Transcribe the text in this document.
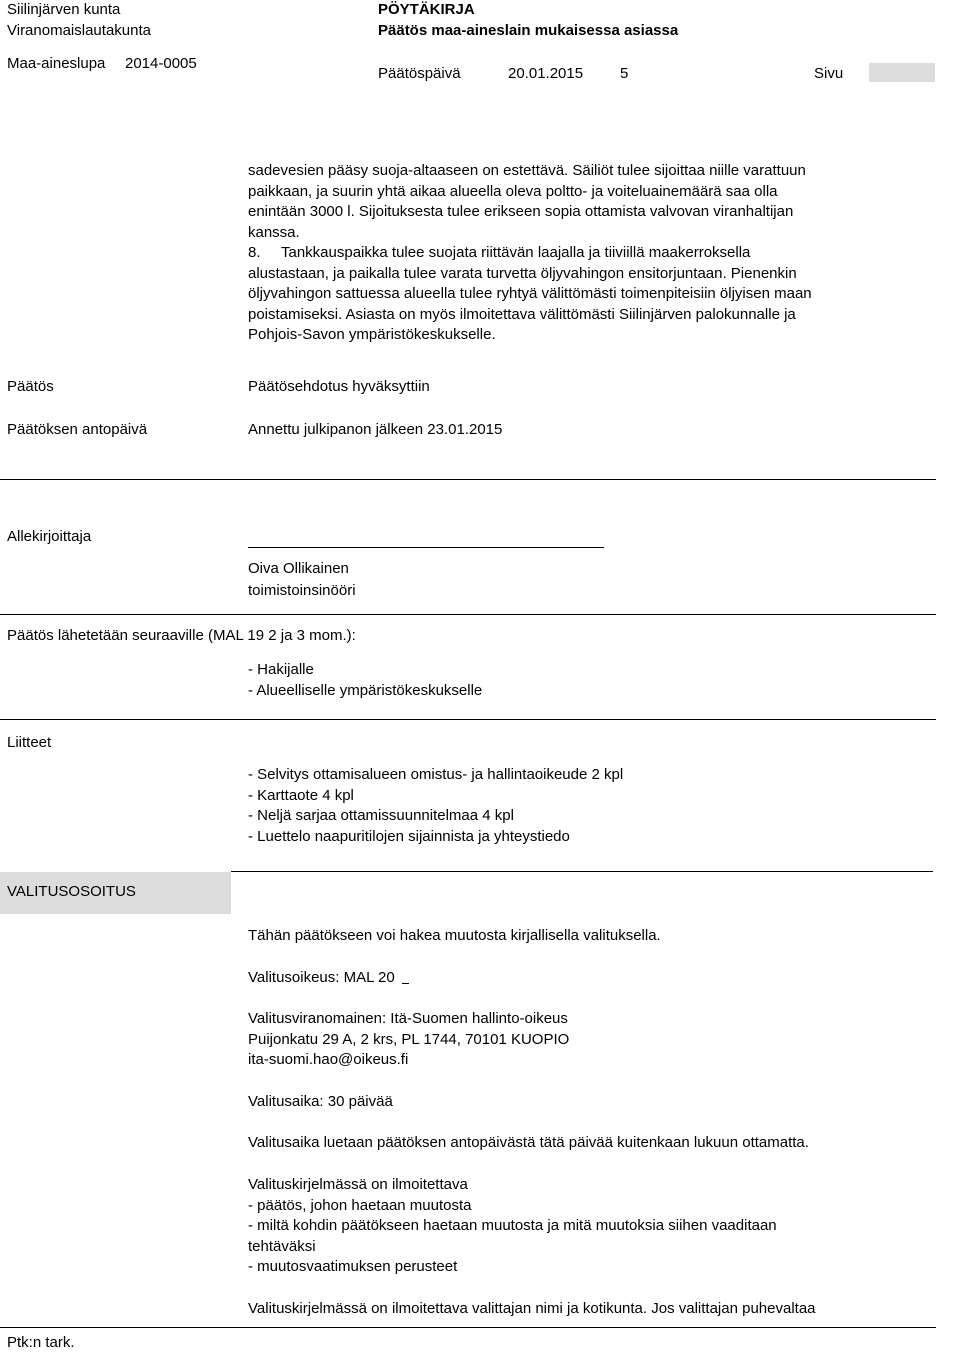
Siilinjärven kunta
Viranomaislautakunta
Maa-aineslupa 2014-0005
PÖYTÄKIRJA
Päätös maa-aineslain mukaisessa asiassa
Päätöspäivä	20.01.2015 5	Sivu
sadevesien pääsy suoja-altaaseen on estettävä. Säiliöt tulee sijoittaa niille varattuun
paikkaan, ja suurin yhtä aikaa alueella oleva poltto- ja voiteluainemäärä saa olla
enintään 3000 l. Sijoituksesta tulee erikseen sopia ottamista valvovan viranhaltijan
kanssa.
8. Tankkauspaikka tulee suojata riittävän laajalla ja tiiviillä maakerroksella
alustastaan, ja paikalla tulee varata turvetta öljyvahingon ensitorjuntaan. Pienenkin
öljyvahingon sattuessa alueella tulee ryhtyä välittömästi toimenpiteisiin öljyisen maan
poistamiseksi. Asiasta on myös ilmoitettava välittömästi Siilinjärven palokunnalle ja
Pohjois-Savon ympäristökeskukselle.
Päätös	Päätösehdotus hyväksyttiin
Päätöksen antopäivä	Annettu julkipanon jälkeen 23.01.2015
Allekirjoittaja
Oiva Ollikainen
toimistoinsinööri
Päätös lähetetään seuraaville (MAL 19 2 ja 3 mom.):
- Hakijalle
- Alueelliselle ympäristökeskukselle
Liitteet
- Selvitys ottamisalueen omistus- ja hallintaoikeude 2 kpl
- Karttaote 4 kpl
- Neljä sarjaa ottamissuunnitelmaa 4 kpl
- Luettelo naapuritilojen sijainnista ja yhteystiedo
VALITUSOSOITUS
Tähän päätökseen voi hakea muutosta kirjallisella valituksella.
Valitusoikeus: MAL 20
Valitusviranomainen: Itä-Suomen hallinto-oikeus
Puijonkatu 29 A, 2 krs, PL 1744, 70101 KUOPIO
ita-suomi.hao@oikeus.fi
Valitusaika: 30 päivää
Valitusaika luetaan päätöksen antopäivästä tätä päivää kuitenkaan lukuun ottamatta.
Valituskirjelmässä on ilmoitettava
- päätös, johon haetaan muutosta
- miltä kohdin päätökseen haetaan muutosta ja mitä muutoksia siihen vaaditaan
tehtäväksi
- muutosvaatimuksen perusteet
Valituskirjelmässä on ilmoitettava valittajan nimi ja kotikunta. Jos valittajan puhevaltaa
Ptk:n tark.
